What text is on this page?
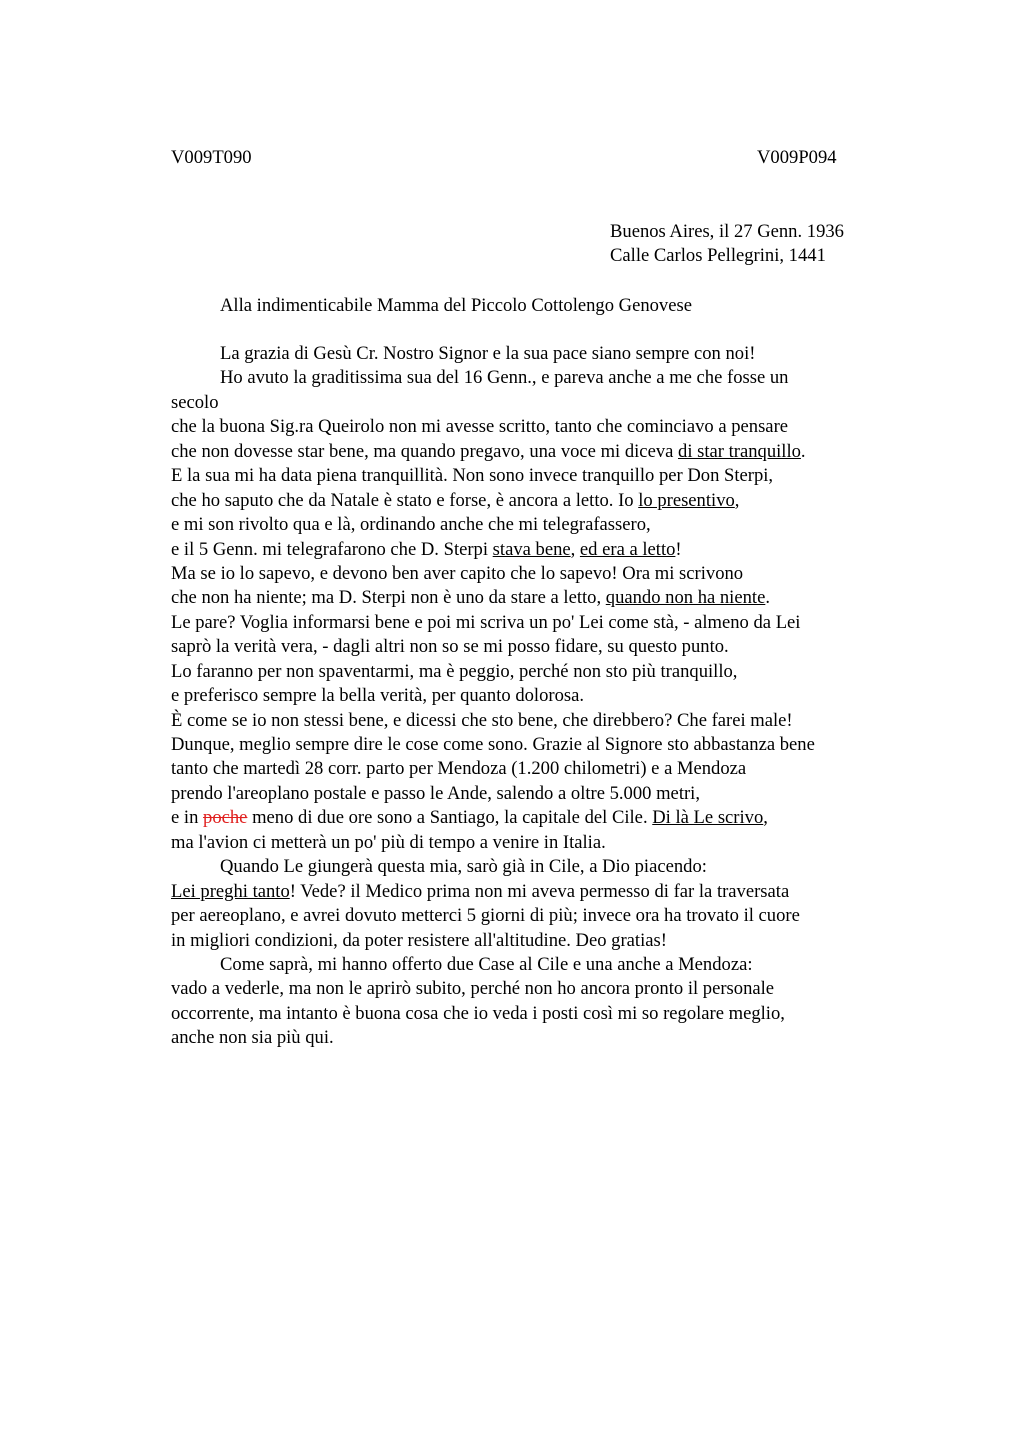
V009T090	V009P094
Buenos Aires, il 27 Genn. 1936
Calle Carlos Pellegrini, 1441
Alla indimenticabile Mamma del Piccolo Cottolengo Genovese
La grazia di Gesù Cr. Nostro Signor e la sua pace siano sempre con noi!
Ho avuto la graditissima sua del 16 Genn., e pareva anche a me che fosse un
secolo
che la buona Sig.ra Queirolo non mi avesse scritto, tanto che cominciavo a pensare
che non dovesse star bene, ma quando pregavo, una voce mi diceva di star tranquillo.
E la sua mi ha data piena tranquillità. Non sono invece tranquillo per Don Sterpi,
che ho saputo che da Natale è stato e forse, è ancora a letto. Io lo presentivo,
e mi son rivolto qua e là, ordinando anche che mi telegrafassero,
e il 5 Genn. mi telegrafarono che D. Sterpi stava bene, ed era a letto!
Ma se io lo sapevo, e devono ben aver capito che lo sapevo! Ora mi scrivono
che non ha niente; ma D. Sterpi non è uno da stare a letto, quando non ha niente.
Le pare? Voglia informarsi bene e poi mi scriva un po' Lei come stà, - almeno da Lei
saprò la verità vera, - dagli altri non so se mi posso fidare, su questo punto.
Lo faranno per non spaventarmi, ma è peggio, perché non sto più tranquillo,
e preferisco sempre la bella verità, per quanto dolorosa.
È come se io non stessi bene, e dicessi che sto bene, che direbbero? Che farei male!
Dunque, meglio sempre dire le cose come sono. Grazie al Signore sto abbastanza bene
tanto che martedì 28 corr. parto per Mendoza (1.200 chilometri) e a Mendoza
prendo l'areoplano postale e passo le Ande, salendo a oltre 5.000 metri,
e in poche meno di due ore sono a Santiago, la capitale del Cile. Di là Le scrivo,
ma l'avion ci metterà un po' più di tempo a venire in Italia.
Quando Le giungerà questa mia, sarò già in Cile, a Dio piacendo:
Lei preghi tanto! Vede? il Medico prima non mi aveva permesso di far la traversata
per aereoplano, e avrei dovuto metterci 5 giorni di più; invece ora ha trovato il cuore
in migliori condizioni, da poter resistere all'altitudine. Deo gratias!
Come saprà, mi hanno offerto due Case al Cile e una anche a Mendoza:
vado a vederle, ma non le aprirò subito, perché non ho ancora pronto il personale
occorrente, ma intanto è buona cosa che io veda i posti così mi so regolare meglio,
anche non sia più qui.
